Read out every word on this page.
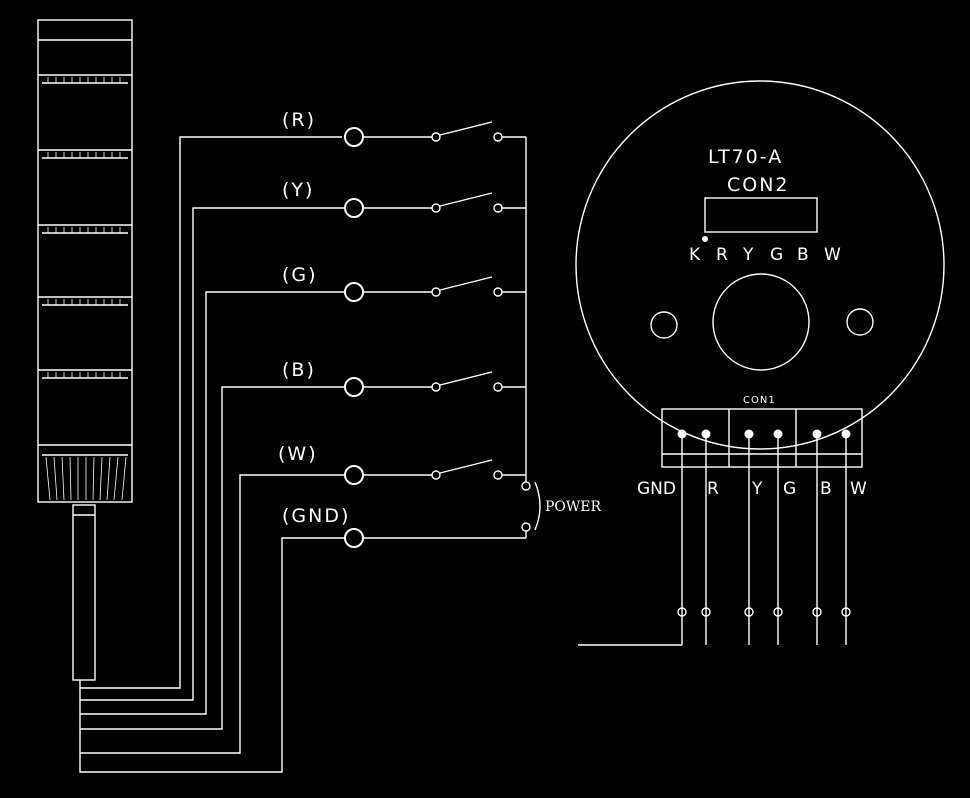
(R)
(Y)
(G)
(B)
(W)
(GND)	POWER
LT70-A
CON2
K R Y G B W
CON1
GND R Y G B W
